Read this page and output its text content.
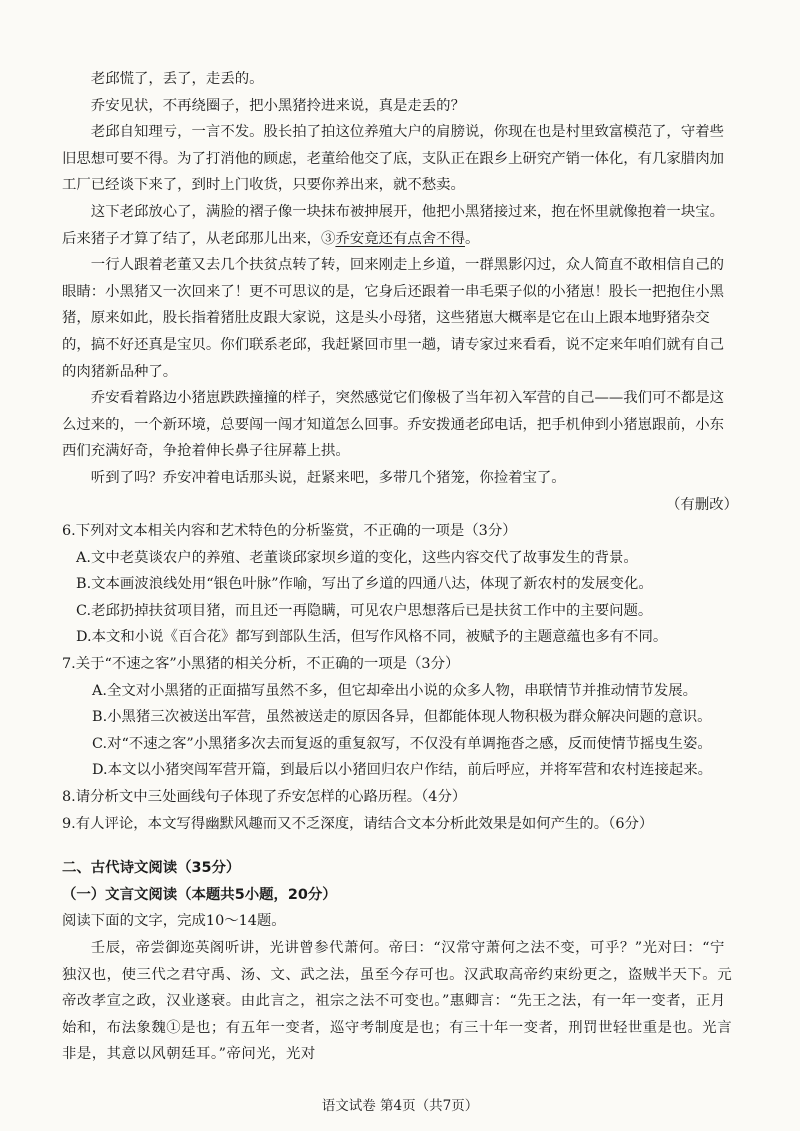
老邱慌了，丢了，走丢的。

乔安见状，不再绕圈子，把小黑猪拎进来说，真是走丢的？

老邱自知理亏，一言不发。股长拍了拍这位养殖大户的肩膀说，你现在也是村里致富模范了，守着些旧思想可要不得。为了打消他的顾虑，老董给他交了底，支队正在跟乡上研究产销一体化，有几家腊肉加工厂已经谈下来了，到时上门收货，只要你养出来，就不愁卖。

这下老邱放心了，满脸的褶子像一块抹布被抻展开，他把小黑猪接过来，抱在怀里就像抱着一块宝。后来猪子才算了结了，从老邱那儿出来，③乔安竟还有点舍不得。

一行人跟着老董又去几个扶贫点转了转，回来刚走上乡道，一群黑影闪过，众人简直不敢相信自己的眼睛：小黑猪又一次回来了！更不可思议的是，它身后还跟着一串毛栗子似的小猪崽！股长一把抱住小黑猪，原来如此，股长指着猪肚皮跟大家说，这是头小母猪，这些猪崽大概率是它在山上跟本地野猪杂交的，搞不好还真是宝贝。你们联系老邱，我赶紧回市里一趟，请专家过来看看，说不定来年咱们就有自己的肉猪新品种了。

乔安看着路边小猪崽跌跌撞撞的样子，突然感觉它们像极了当年初入军营的自己——我们可不都是这么过来的，一个新环境，总要闯一闯才知道怎么回事。乔安拨通老邱电话，把手机伸到小猪崽跟前，小东西们充满好奇，争抢着伸长鼻子往屏幕上拱。

听到了吗？乔安冲着电话那头说，赶紧来吧，多带几个猪笼，你捡着宝了。

（有删改）

6.下列对文本相关内容和艺术特色的分析鉴赏，不正确的一项是（3分）

A.文中老莫谈农户的养殖、老董谈邱家坝乡道的变化，这些内容交代了故事发生的背景。

B.文本画波浪线处用“银色叶脉”作喻，写出了乡道的四通八达，体现了新农村的发展变化。

C.老邱扔掉扶贫项目猪，而且还一再隐瞒，可见农户思想落后已是扶贫工作中的主要问题。

D.本文和小说《百合花》都写到部队生活，但写作风格不同，被赋予的主题意蕴也多有不同。

7.关于“不速之客”小黑猪的相关分析，不正确的一项是（3分）

A.全文对小黑猪的正面描写虽然不多，但它却牵出小说的众多人物，串联情节并推动情节发展。

B.小黑猪三次被送出军营，虽然被送走的原因各异，但都能体现人物积极为群众解决问题的意识。

C.对“不速之客”小黑猪多次去而复返的重复叙写，不仅没有单调拖沓之感，反而使情节摇曳生姿。

D.本文以小猪突闯军营开篇，到最后以小猪回归农户作结，前后呼应，并将军营和农村连接起来。

8.请分析文中三处画线句子体现了乔安怎样的心路历程。（4分）

9.有人评论，本文写得幽默风趣而又不乏深度，请结合文本分析此效果是如何产生的。（6分）

二、古代诗文阅读（35分）

（一）文言文阅读（本题共5小题，20分）

阅读下面的文字，完成10～14题。

壬辰，帝尝御迩英阁听讲，光讲曾参代萧何。帝曰：“汉常守萧何之法不变，可乎？”光对曰：“宁独汉也，使三代之君守禹、汤、文、武之法，虽至今存可也。汉武取高帝约束纷更之，盗贼半天下。元帝改孝宣之政，汉业遂衰。由此言之，祖宗之法不可变也。”惠卿言：“先王之法，有一年一变者，正月始和，布法象魏①是也；有五年一变者，巡守考制度是也；有三十年一变者，刑罚世轻世重是也。光言非是，其意以风朝廷耳。”帝问光，光对

语文试卷 第4页（共7页）
